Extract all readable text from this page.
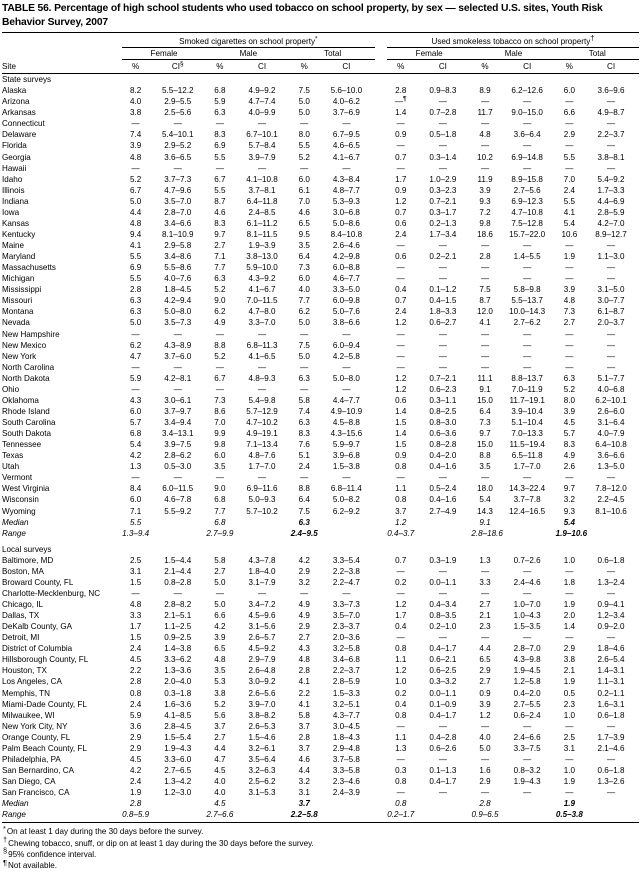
TABLE 56. Percentage of high school students who used tobacco on school property, by sex — selected U.S. sites, Youth Risk Behavior Survey, 2007

	Smoked cigarettes on school property*							Used smokeless tobacco on school property†
	Female		Male		Total			Female		Male		Total	
Site	%	CI§	%	CI	%	CI		%	CI	%	CI	%	CI

State surveys													
Alaska	8.2	5.5–12.2	6.8	4.9–9.2	7.5	5.6–10.0		2.8	0.9–8.3	8.9	6.2–12.6	6.0	3.6–9.6
Arizona	4.0	2.9–5.5	5.9	4.7–7.4	5.0	4.0–6.2		—¶	—	—	—	—	—
Arkansas	3.8	2.5–5.6	6.3	4.0–9.9	5.0	3.7–6.9		1.4	0.7–2.8	11.7	9.0–15.0	6.6	4.9–8.7
Connecticut	—	—	—	—	—	—		—	—	—	—	—	—
Delaware	7.4	5.4–10.1	8.3	6.7–10.1	8.0	6.7–9.5		0.9	0.5–1.8	4.8	3.6–6.4	2.9	2.2–3.7
Florida	3.9	2.9–5.2	6.9	5.7–8.4	5.5	4.6–6.5		—	—	—	—	—	—
Georgia	4.8	3.6–6.5	5.5	3.9–7.9	5.2	4.1–6.7		0.7	0.3–1.4	10.2	6.9–14.8	5.5	3.8–8.1
Hawaii	—	—	—	—	—	—		—	—	—	—	—	—
Idaho	5.2	3.7–7.3	6.7	4.1–10.8	6.0	4.3–8.4		1.7	1.0–2.9	11.9	8.9–15.8	7.0	5.4–9.2
Illinois	6.7	4.7–9.6	5.5	3.7–8.1	6.1	4.8–7.7		0.9	0.3–2.3	3.9	2.7–5.6	2.4	1.7–3.3
Indiana	5.0	3.5–7.0	8.7	6.4–11.8	7.0	5.3–9.3		1.2	0.7–2.1	9.3	6.9–12.3	5.5	4.4–6.9
Iowa	4.4	2.8–7.0	4.6	2.4–8.5	4.6	3.0–6.8		0.7	0.3–1.7	7.2	4.7–10.8	4.1	2.8–5.9
Kansas	4.8	3.4–6.6	8.3	6.1–11.2	6.5	5.0–8.6		0.6	0.2–1.3	9.8	7.5–12.8	5.4	4.2–7.0
Kentucky	9.4	8.1–10.9	9.7	8.1–11.5	9.5	8.4–10.8		2.4	1.7–3.4	18.6	15.7–22.0	10.6	8.9–12.7
Maine	4.1	2.9–5.8	2.7	1.9–3.9	3.5	2.6–4.6		—	—	—	—	—	—
Maryland	5.5	3.4–8.6	7.1	3.8–13.0	6.4	4.2–9.8		0.6	0.2–2.1	2.8	1.4–5.5	1.9	1.1–3.0
Massachusetts	6.9	5.5–8.6	7.7	5.9–10.0	7.3	6.0–8.8		—	—	—	—	—	—
Michigan	5.5	4.0–7.6	6.3	4.3–9.2	6.0	4.6–7.7		—	—	—	—	—	—
Mississippi	2.8	1.8–4.5	5.2	4.1–6.7	4.0	3.3–5.0		0.4	0.1–1.2	7.5	5.8–9.8	3.9	3.1–5.0
Missouri	6.3	4.2–9.4	9.0	7.0–11.5	7.7	6.0–9.8		0.7	0.4–1.5	8.7	5.5–13.7	4.8	3.0–7.7
Montana	6.3	5.0–8.0	6.2	4.7–8.0	6.2	5.0–7.6		2.4	1.8–3.3	12.0	10.0–14.3	7.3	6.1–8.7
Nevada	5.0	3.5–7.3	4.9	3.3–7.0	5.0	3.8–6.6		1.2	0.6–2.7	4.1	2.7–6.2	2.7	2.0–3.7
New Hampshire	—	—	—	—	—	—		—	—	—	—	—	—
New Mexico	6.2	4.3–8.9	8.8	6.8–11.3	7.5	6.0–9.4		—	—	—	—	—	—
New York	4.7	3.7–6.0	5.2	4.1–6.5	5.0	4.2–5.8		—	—	—	—	—	—
North Carolina	—	—	—	—	—	—		—	—	—	—	—	—
North Dakota	5.9	4.2–8.1	6.7	4.8–9.3	6.3	5.0–8.0		1.2	0.7–2.1	11.1	8.8–13.7	6.3	5.1–7.7
Ohio	—	—	—	—	—	—		1.2	0.6–2.3	9.1	7.0–11.9	5.2	4.0–6.8
Oklahoma	4.3	3.0–6.1	7.3	5.4–9.8	5.8	4.4–7.7		0.6	0.3–1.1	15.0	11.7–19.1	8.0	6.2–10.1
Rhode Island	6.0	3.7–9.7	8.6	5.7–12.9	7.4	4.9–10.9		1.4	0.8–2.5	6.4	3.9–10.4	3.9	2.6–6.0
South Carolina	5.7	3.4–9.4	7.0	4.7–10.2	6.3	4.5–8.8		1.5	0.8–3.0	7.3	5.1–10.4	4.5	3.1–6.4
South Dakota	6.8	3.4–13.1	9.9	4.9–19.1	8.3	4.3–15.6		1.4	0.6–3.6	9.7	7.0–13.3	5.7	4.0–7.9
Tennessee	5.4	3.9–7.5	9.8	7.1–13.4	7.6	5.9–9.7		1.5	0.8–2.8	15.0	11.5–19.4	8.3	6.4–10.8
Texas	4.2	2.8–6.2	6.0	4.8–7.6	5.1	3.9–6.8		0.9	0.4–2.0	8.8	6.5–11.8	4.9	3.6–6.6
Utah	1.3	0.5–3.0	3.5	1.7–7.0	2.4	1.5–3.8		0.8	0.4–1.6	3.5	1.7–7.0	2.6	1.3–5.0
Vermont	—	—	—	—	—	—		—	—	—	—	—	—
West Virginia	8.4	6.0–11.5	9.0	6.9–11.6	8.8	6.8–11.4		1.1	0.5–2.4	18.0	14.3–22.4	9.7	7.8–12.0
Wisconsin	6.0	4.6–7.8	6.8	5.0–9.3	6.4	5.0–8.2		0.8	0.4–1.6	5.4	3.7–7.8	3.2	2.2–4.5
Wyoming	7.1	5.5–9.2	7.7	5.7–10.2	7.5	6.2–9.2		3.7	2.7–4.9	14.3	12.4–16.5	9.3	8.1–10.6
Median	5.5		6.8		6.3			1.2		9.1		5.4	
Range	1.3–9.4		2.7–9.9		2.4–9.5			0.4–3.7		2.8–18.6		1.9–10.6	

Local surveys													
Baltimore, MD	2.5	1.5–4.4	5.8	4.3–7.8	4.2	3.3–5.4		0.7	0.3–1.9	1.3	0.7–2.6	1.0	0.6–1.8
Boston, MA	3.1	2.1–4.4	2.7	1.8–4.0	2.9	2.2–3.8		—	—	—	—	—	—
Broward County, FL	1.5	0.8–2.8	5.0	3.1–7.9	3.2	2.2–4.7		0.2	0.0–1.1	3.3	2.4–4.6	1.8	1.3–2.4
Charlotte-Mecklenburg, NC	—	—	—	—	—	—		—	—	—	—	—	—
Chicago, IL	4.8	2.8–8.2	5.0	3.4–7.2	4.9	3.3–7.3		1.2	0.4–3.4	2.7	1.0–7.0	1.9	0.9–4.1
Dallas, TX	3.3	2.1–5.1	6.6	4.5–9.6	4.9	3.5–7.0		1.7	0.8–3.5	2.1	1.0–4.3	2.0	1.2–3.4
DeKalb County, GA	1.7	1.1–2.5	4.2	3.1–5.6	2.9	2.3–3.7		0.4	0.2–1.0	2.3	1.5–3.5	1.4	0.9–2.0
Detroit, MI	1.5	0.9–2.5	3.9	2.6–5.7	2.7	2.0–3.6		—	—	—	—	—	—
District of Columbia	2.4	1.4–3.8	6.5	4.5–9.2	4.3	3.2–5.8		0.8	0.4–1.7	4.4	2.8–7.0	2.9	1.8–4.6
Hillsborough County, FL	4.5	3.3–6.2	4.8	2.9–7.9	4.8	3.4–6.8		1.1	0.6–2.1	6.5	4.3–9.8	3.8	2.6–5.4
Houston, TX	2.2	1.3–3.6	3.5	2.6–4.8	2.8	2.2–3.7		1.2	0.6–2.5	2.9	1.9–4.5	2.1	1.4–3.1
Los Angeles, CA	2.8	2.0–4.0	5.3	3.0–9.2	4.1	2.8–5.9		1.0	0.3–3.2	2.7	1.2–5.8	1.9	1.1–3.1
Memphis, TN	0.8	0.3–1.8	3.8	2.6–5.6	2.2	1.5–3.3		0.2	0.0–1.1	0.9	0.4–2.0	0.5	0.2–1.1
Miami-Dade County, FL	2.4	1.6–3.6	5.2	3.9–7.0	4.1	3.2–5.1		0.4	0.1–0.9	3.9	2.7–5.5	2.3	1.6–3.1
Milwaukee, WI	5.9	4.1–8.5	5.6	3.8–8.2	5.8	4.3–7.7		0.8	0.4–1.7	1.2	0.6–2.4	1.0	0.6–1.8
New York City, NY	3.6	2.8–4.5	3.7	2.6–5.3	3.7	3.0–4.5		—	—	—	—	—	—
Orange County, FL	2.9	1.5–5.4	2.7	1.5–4.6	2.8	1.8–4.3		1.1	0.4–2.8	4.0	2.4–6.6	2.5	1.7–3.9
Palm Beach County, FL	2.9	1.9–4.3	4.4	3.2–6.1	3.7	2.9–4.8		1.3	0.6–2.6	5.0	3.3–7.5	3.1	2.1–4.6
Philadelphia, PA	4.5	3.3–6.0	4.7	3.5–6.4	4.6	3.7–5.8		—	—	—	—	—	—
San Bernardino, CA	4.2	2.7–6.5	4.5	3.2–6.3	4.4	3.3–5.8		0.3	0.1–1.3	1.6	0.8–3.2	1.0	0.6–1.8
San Diego, CA	2.4	1.3–4.2	4.0	2.5–6.2	3.2	2.3–4.6		0.8	0.4–1.7	2.9	1.9–4.3	1.9	1.3–2.6
San Francisco, CA	1.9	1.2–3.0	4.0	3.1–5.3	3.1	2.4–3.9		—	—	—	—	—	—
Median	2.8		4.5		3.7			0.8		2.8		1.9	
Range	0.8–5.9		2.7–6.6		2.2–5.8			0.2–1.7		0.9–6.5		0.5–3.8	

*On at least 1 day during the 30 days before the survey.
†Chewing tobacco, snuff, or dip on at least 1 day during the 30 days before the survey.
§95% confidence interval.
¶Not available.
